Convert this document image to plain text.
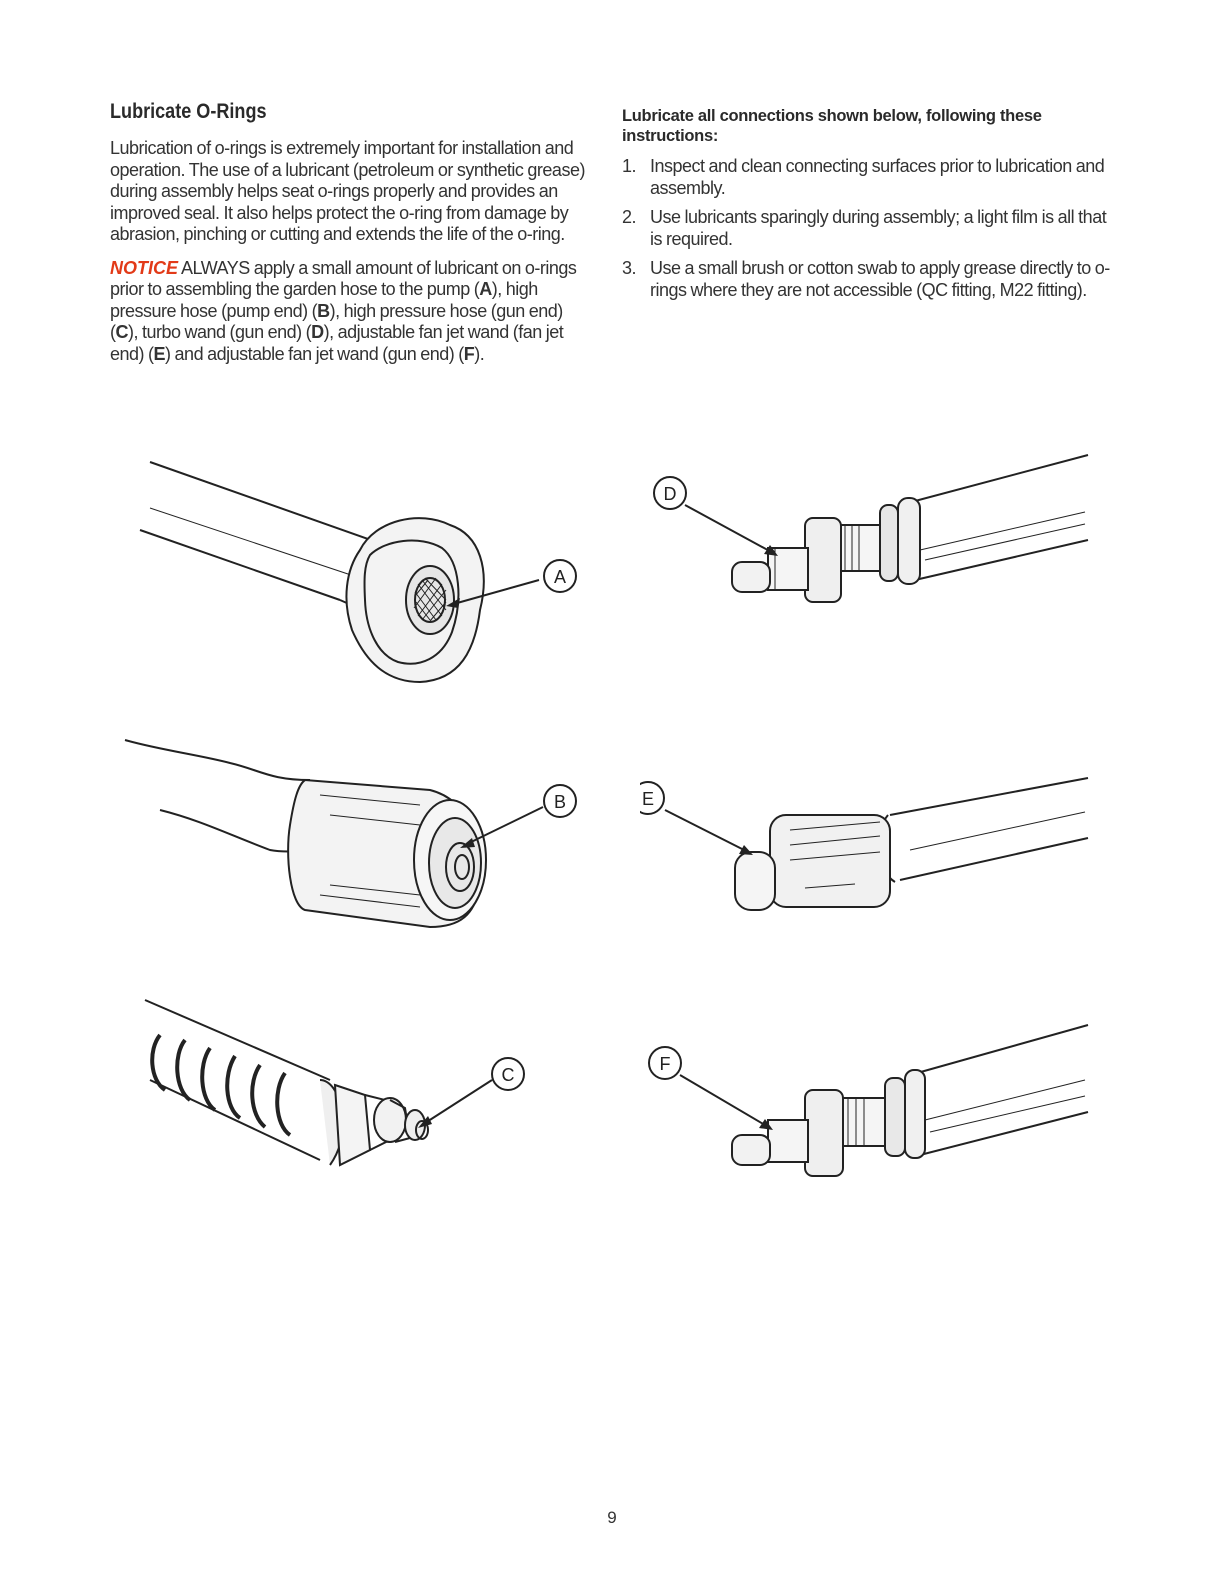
Lubricate O-Rings

Lubrication of o-rings is extremely important for installation and operation. The use of a lubricant (petroleum or synthetic grease) during assembly helps seat o-rings properly and provides an improved seal. It also helps protect the o-ring from damage by abrasion, pinching or cutting and extends the life of the o-ring.

NOTICE ALWAYS apply a small amount of lubricant on o-rings prior to assembling the garden hose to the pump (A), high pressure hose (pump end) (B), high pressure hose (gun end) (C), turbo wand (gun end) (D), adjustable fan jet wand (fan jet end) (E) and adjustable fan jet wand (gun end) (F).

Lubricate all connections shown below, following these instructions:
1. Inspect and clean connecting surfaces prior to lubrication and assembly.
2. Use lubricants sparingly during assembly; a light film is all that is required.
3. Use a small brush or cotton swab to apply grease directly to o-rings where they are not accessible (QC fitting, M22 fitting).
A
D
B	E
C
F
9
